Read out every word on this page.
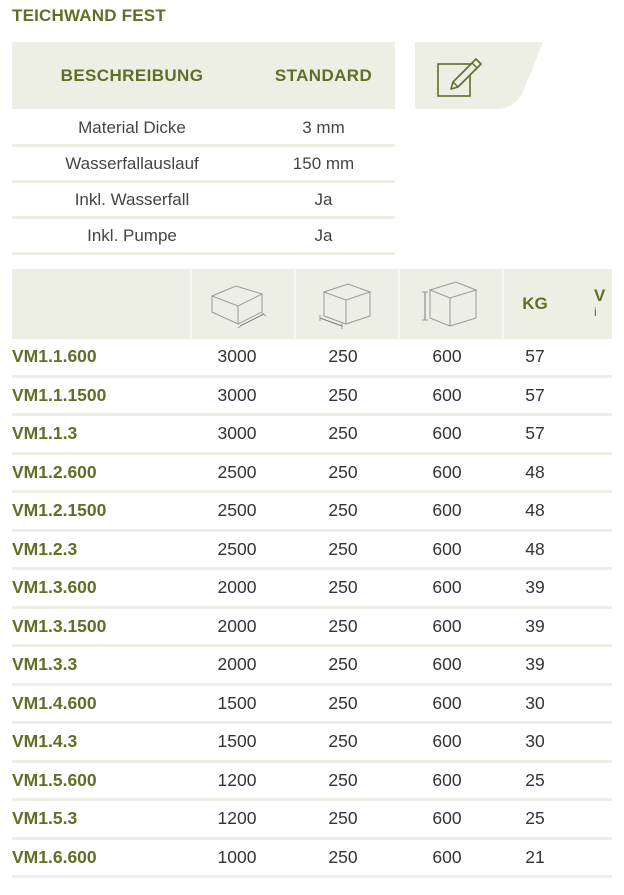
TEICHWAND FEST
BESCHREIBUNG	STANDARD
Material Dicke	3 mm
Wasserfallauslauf	150 mm
Inkl. Wasserfall	Ja
Inkl. Pumpe	Ja
KG	V
i
VM1.1.600	3000	250	600	57
VM1.1.1500	3000	250	600	57
VM1.1.3	3000	250	600	57
VM1.2.600	2500	250	600	48
VM1.2.1500	2500	250	600	48
VM1.2.3	2500	250	600	48
VM1.3.600	2000	250	600	39
VM1.3.1500	2000	250	600	39
VM1.3.3	2000	250	600	39
VM1.4.600	1500	250	600	30
VM1.4.3	1500	250	600	30
VM1.5.600	1200	250	600	25
VM1.5.3	1200	250	600	25
VM1.6.600	1000	250	600	21
